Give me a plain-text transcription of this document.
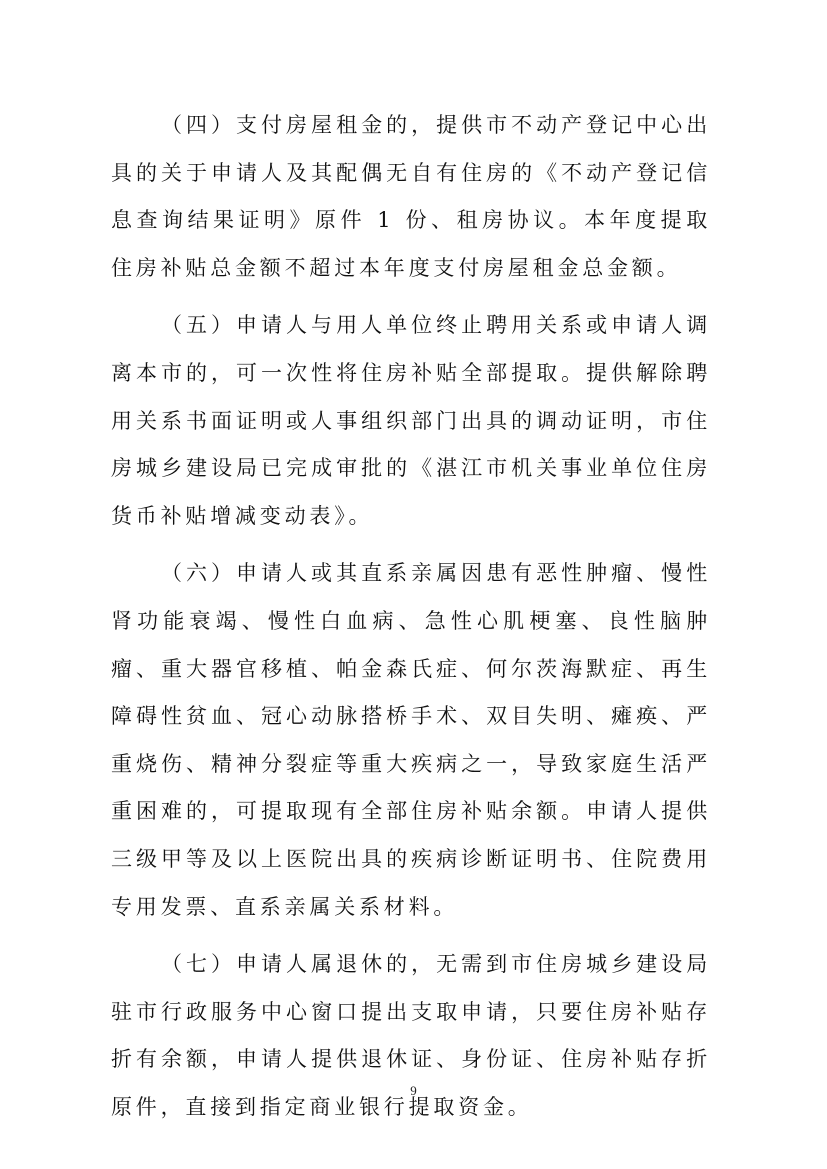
（四）支付房屋租金的，提供市不动产登记中心出具的关于申请人及其配偶无自有住房的《不动产登记信息查询结果证明》原件 1 份、租房协议。本年度提取住房补贴总金额不超过本年度支付房屋租金总金额。

（五）申请人与用人单位终止聘用关系或申请人调离本市的，可一次性将住房补贴全部提取。提供解除聘用关系书面证明或人事组织部门出具的调动证明，市住房城乡建设局已完成审批的《湛江市机关事业单位住房货币补贴增减变动表》。

（六）申请人或其直系亲属因患有恶性肿瘤、慢性肾功能衰竭、慢性白血病、急性心肌梗塞、良性脑肿瘤、重大器官移植、帕金森氏症、何尔茨海默症、再生障碍性贫血、冠心动脉搭桥手术、双目失明、瘫痪、严重烧伤、精神分裂症等重大疾病之一，导致家庭生活严重困难的，可提取现有全部住房补贴余额。申请人提供三级甲等及以上医院出具的疾病诊断证明书、住院费用专用发票、直系亲属关系材料。

（七）申请人属退休的，无需到市住房城乡建设局驻市行政服务中心窗口提出支取申请，只要住房补贴存折有余额，申请人提供退休证、身份证、住房补贴存折原件，直接到指定商业银行提取资金。

9
